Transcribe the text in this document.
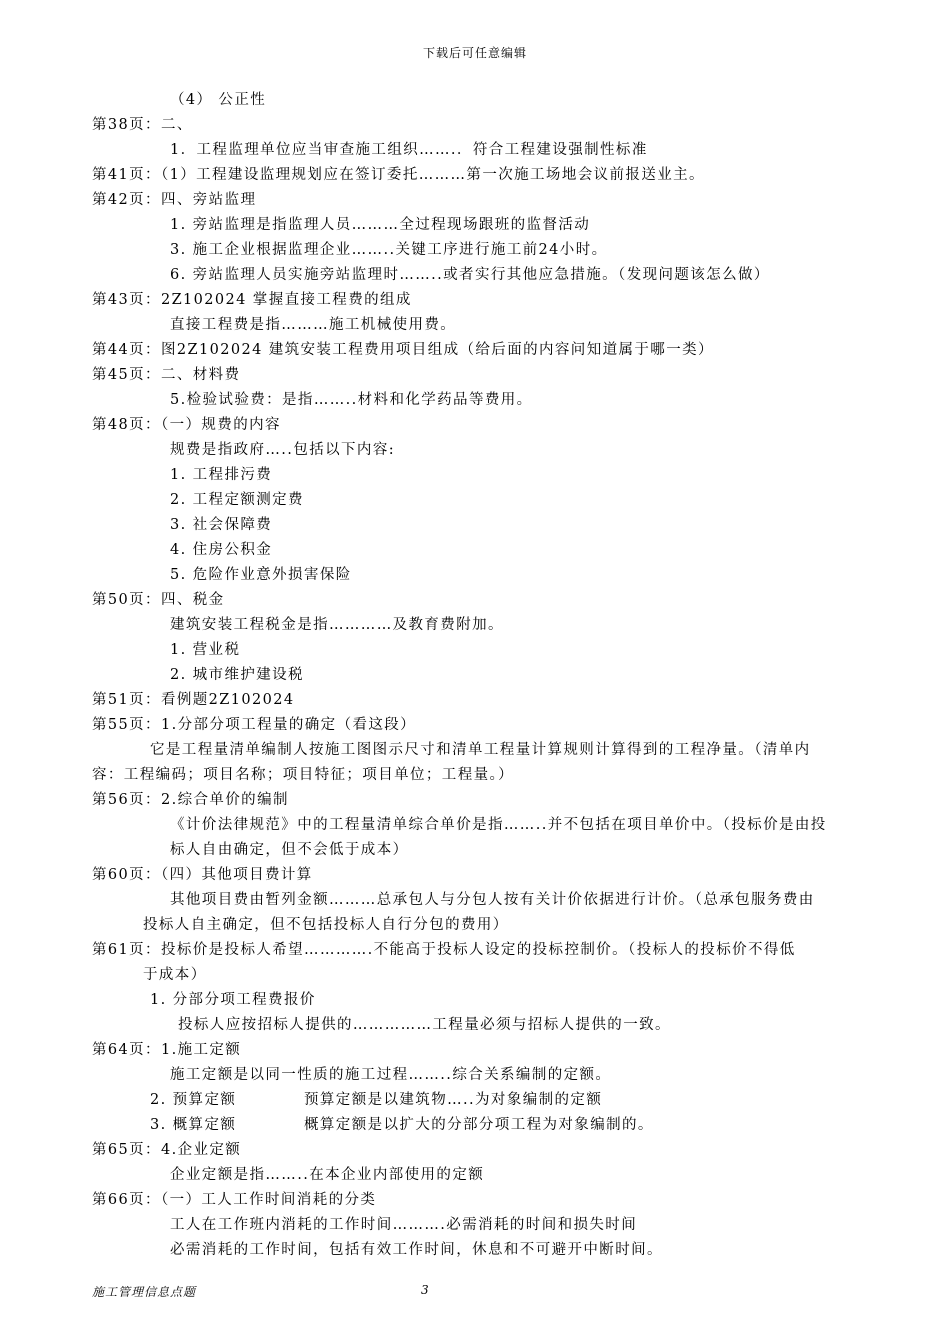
下载后可任意编辑
（4） 公正性
第38页：二、
1．工程监理单位应当审查施工组织…….．符合工程建设强制性标准
第41页：（1）工程建设监理规划应在签订委托………第一次施工场地会议前报送业主。
第42页：四、旁站监理
1. 旁站监理是指监理人员………全过程现场跟班的监督活动
3. 施工企业根据监理企业……..关键工序进行施工前24小时。
6. 旁站监理人员实施旁站监理时……..或者实行其他应急措施。（发现问题该怎么做）
第43页：2Z102024 掌握直接工程费的组成
直接工程费是指………施工机械使用费。
第44页：图2Z102024 建筑安装工程费用项目组成（给后面的内容问知道属于哪一类）
第45页：二、材料费
5.检验试验费：是指……..材料和化学药品等费用。
第48页：（一）规费的内容
规费是指政府…..包括以下内容:
1. 工程排污费
2. 工程定额测定费
3. 社会保障费
4. 住房公积金
5. 危险作业意外损害保险
第50页：四、税金
建筑安装工程税金是指…………及教育费附加。
1. 营业税
2. 城市维护建设税
第51页：看例题2Z102024
第55页：1.分部分项工程量的确定（看这段）
它是工程量清单编制人按施工图图示尺寸和清单工程量计算规则计算得到的工程净量。（清单内
容：工程编码；项目名称；项目特征；项目单位；工程量。）
第56页：2.综合单价的编制
《计价法律规范》中的工程量清单综合单价是指……..并不包括在项目单价中。（投标价是由投
标人自由确定，但不会低于成本）
第60页：（四）其他项目费计算
其他项目费由暂列金额………总承包人与分包人按有关计价依据进行计价。（总承包服务费由
投标人自主确定，但不包括投标人自行分包的费用）
第61页：投标价是投标人希望………….不能高于投标人设定的投标控制价。（投标人的投标价不得低
于成本）
1. 分部分项工程费报价
投标人应按招标人提供的……………工程量必须与招标人提供的一致。
第64页：1.施工定额
施工定额是以同一性质的施工过程……..综合关系编制的定额。
2. 预算定额	预算定额是以建筑物…..为对象编制的定额
3. 概算定额	概算定额是以扩大的分部分项工程为对象编制的。
第65页：4.企业定额
企业定额是指……..在本企业内部使用的定额
第66页：（一）工人工作时间消耗的分类
工人在工作班内消耗的工作时间……….必需消耗的时间和损失时间
必需消耗的工作时间，包括有效工作时间，休息和不可避开中断时间。
施工管理信息点题	3
